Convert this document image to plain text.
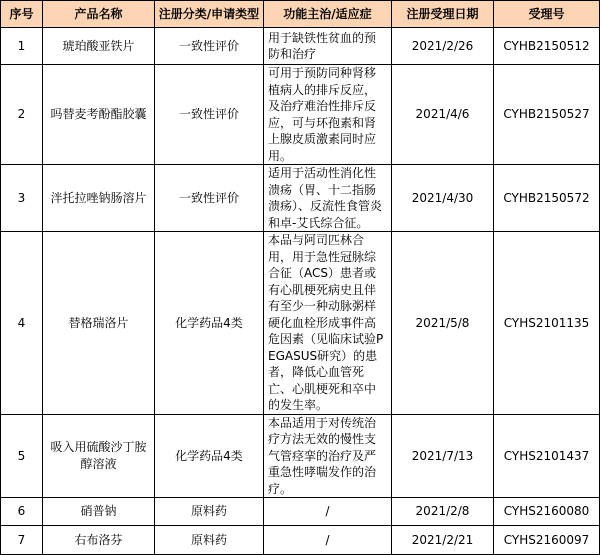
序号	产品名称	注册分类/申请类型	功能主治/适应症	注册受理日期	受理号
1	琥珀酸亚铁片	一致性评价	用于缺铁性贫血的预防和治疗	2021/2/26	CYHB2150512
2	吗替麦考酚酯胶囊	一致性评价	可用于预防同种肾移植病人的排斥反应，及治疗难治性排斥反应，可与环孢素和肾上腺皮质激素同时应用。	2021/4/6	CYHB2150527
3	泮托拉唑钠肠溶片	一致性评价	适用于活动性消化性溃疡（胃、十二指肠溃疡）、反流性食管炎和卓-艾氏综合征。	2021/4/30	CYHB2150572
4	替格瑞洛片	化学药品4类	本品与阿司匹林合用，用于急性冠脉综合征（ACS）患者或有心肌梗死病史且伴有至少一种动脉粥样硬化血栓形成事件高危因素（见临床试验PEGASUS研究）的患者，降低心血管死亡、心肌梗死和卒中的发生率。	2021/5/8	CYHS2101135
5	吸入用硫酸沙丁胺醇溶液	化学药品4类	本品适用于对传统治疗方法无效的慢性支气管痉挛的治疗及严重急性哮喘发作的治疗。	2021/7/13	CYHS2101437
6	硝普钠	原料药	/	2021/2/8	CYHS2160080
7	右布洛芬	原料药	/	2021/2/21	CYHS2160097
